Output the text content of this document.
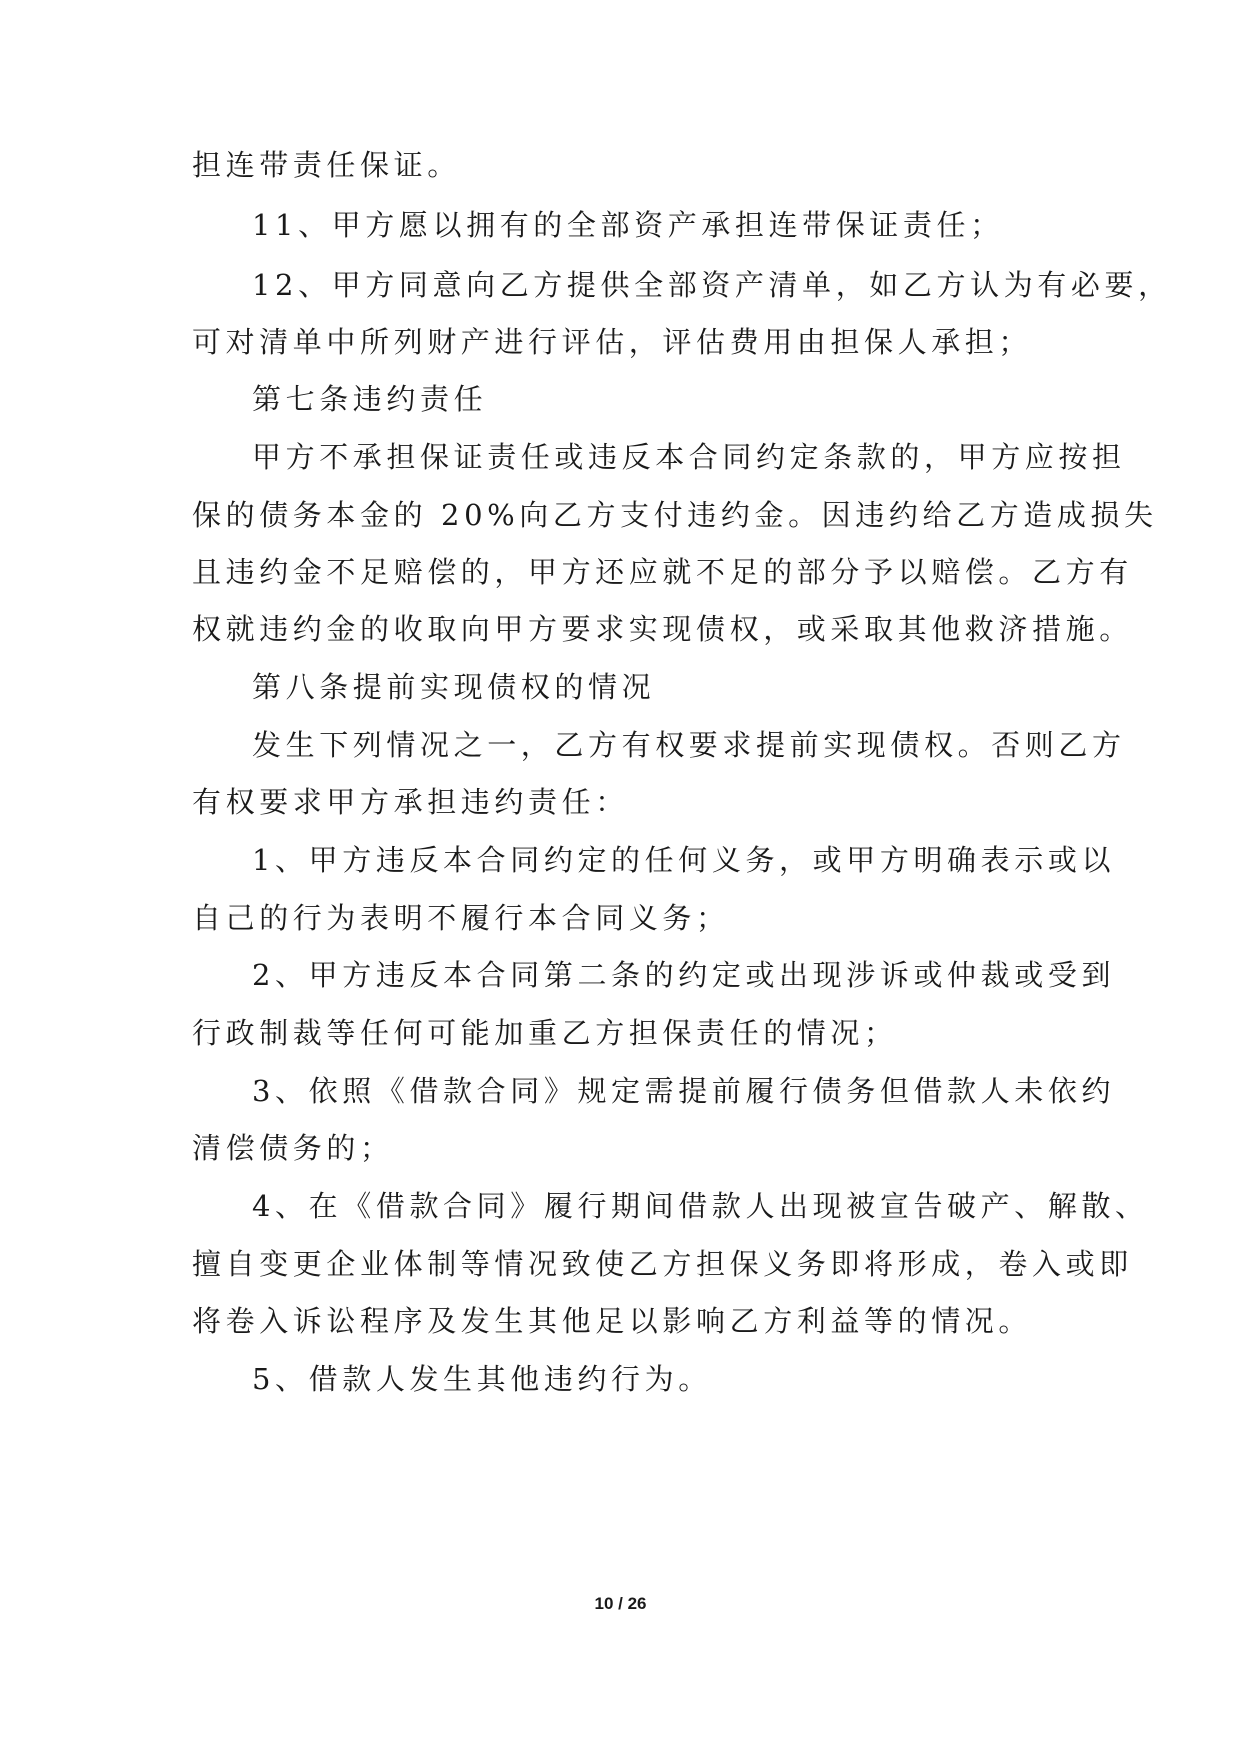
担连带责任保证。
11、甲方愿以拥有的全部资产承担连带保证责任；
12、甲方同意向乙方提供全部资产清单，如乙方认为有必要，
可对清单中所列财产进行评估，评估费用由担保人承担；
第七条违约责任
甲方不承担保证责任或违反本合同约定条款的，甲方应按担
保的债务本金的 20%向乙方支付违约金。因违约给乙方造成损失
且违约金不足赔偿的，甲方还应就不足的部分予以赔偿。乙方有
权就违约金的收取向甲方要求实现债权，或采取其他救济措施。
第八条提前实现债权的情况
发生下列情况之一，乙方有权要求提前实现债权。否则乙方
有权要求甲方承担违约责任：
1、甲方违反本合同约定的任何义务，或甲方明确表示或以
自己的行为表明不履行本合同义务；
2、甲方违反本合同第二条的约定或出现涉诉或仲裁或受到
行政制裁等任何可能加重乙方担保责任的情况；
3、依照《借款合同》规定需提前履行债务但借款人未依约
清偿债务的；
4、在《借款合同》履行期间借款人出现被宣告破产、解散、
擅自变更企业体制等情况致使乙方担保义务即将形成，卷入或即
将卷入诉讼程序及发生其他足以影响乙方利益等的情况。
5、借款人发生其他违约行为。
10 / 26
